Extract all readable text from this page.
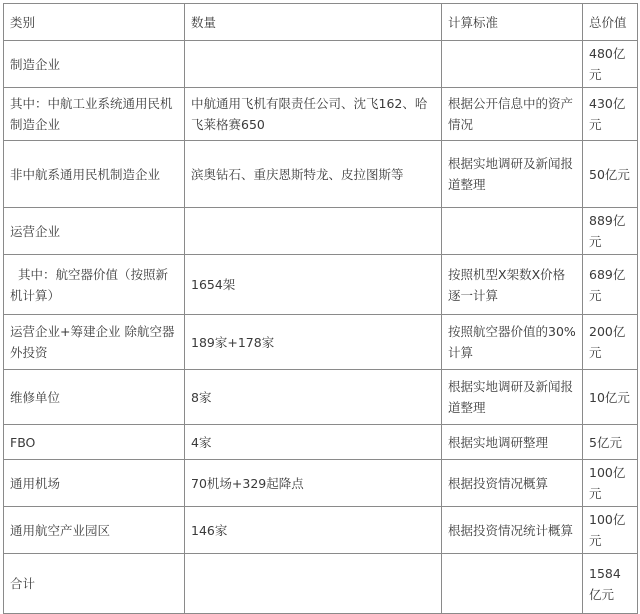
类别	数量	计算标准	总价值
制造企业			480亿元
其中：中航工业系统通用民机制造企业	中航通用飞机有限责任公司、沈飞162、哈飞莱格赛650	根据公开信息中的资产情况	430亿元
非中航系通用民机制造企业	滨奥钻石、重庆恩斯特龙、皮拉图斯等	根据实地调研及新闻报道整理	50亿元
运营企业			889亿元
其中：航空器价值（按照新机计算）	1654架	按照机型X架数X价格逐一计算	689亿元
运营企业+筹建企业 除航空器外投资	189家+178家	按照航空器价值的30%计算	200亿元
维修单位	8家	根据实地调研及新闻报道整理	10亿元
FBO	4家	根据实地调研整理	5亿元
通用机场	70机场+329起降点	根据投资情况概算	100亿元
通用航空产业园区	146家	根据投资情况统计概算	100亿元
合计			1584亿元
